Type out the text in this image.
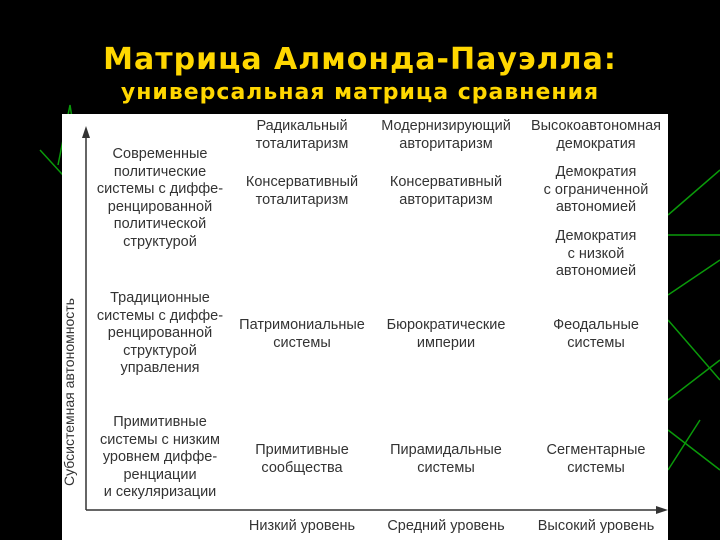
Матрица Алмонда-Пауэлла:
универсальная матрица сравнения
Субсистемная автономность
Современные
политические
системы с диффе-
ренцированной
политической
структурой
Традиционные
системы с диффе-
ренцированной
структурой
управления
Примитивные
системы с низким
уровнем диффе-
ренциации
и секуляризации
Радикальный
тоталитаризм
Модернизирующий
авторитаризм
Высокоавтономная
демократия
Консервативный
тоталитаризм
Консервативный
авторитаризм
Демократия
с ограниченной
автономией
Демократия
с низкой
автономией
Патримониальные
системы
Бюрократические
империи
Феодальные
системы
Примитивные
сообщества
Пирамидальные
системы
Сегментарные
системы
Низкий уровень	Средний уровень	Высокий уровень
